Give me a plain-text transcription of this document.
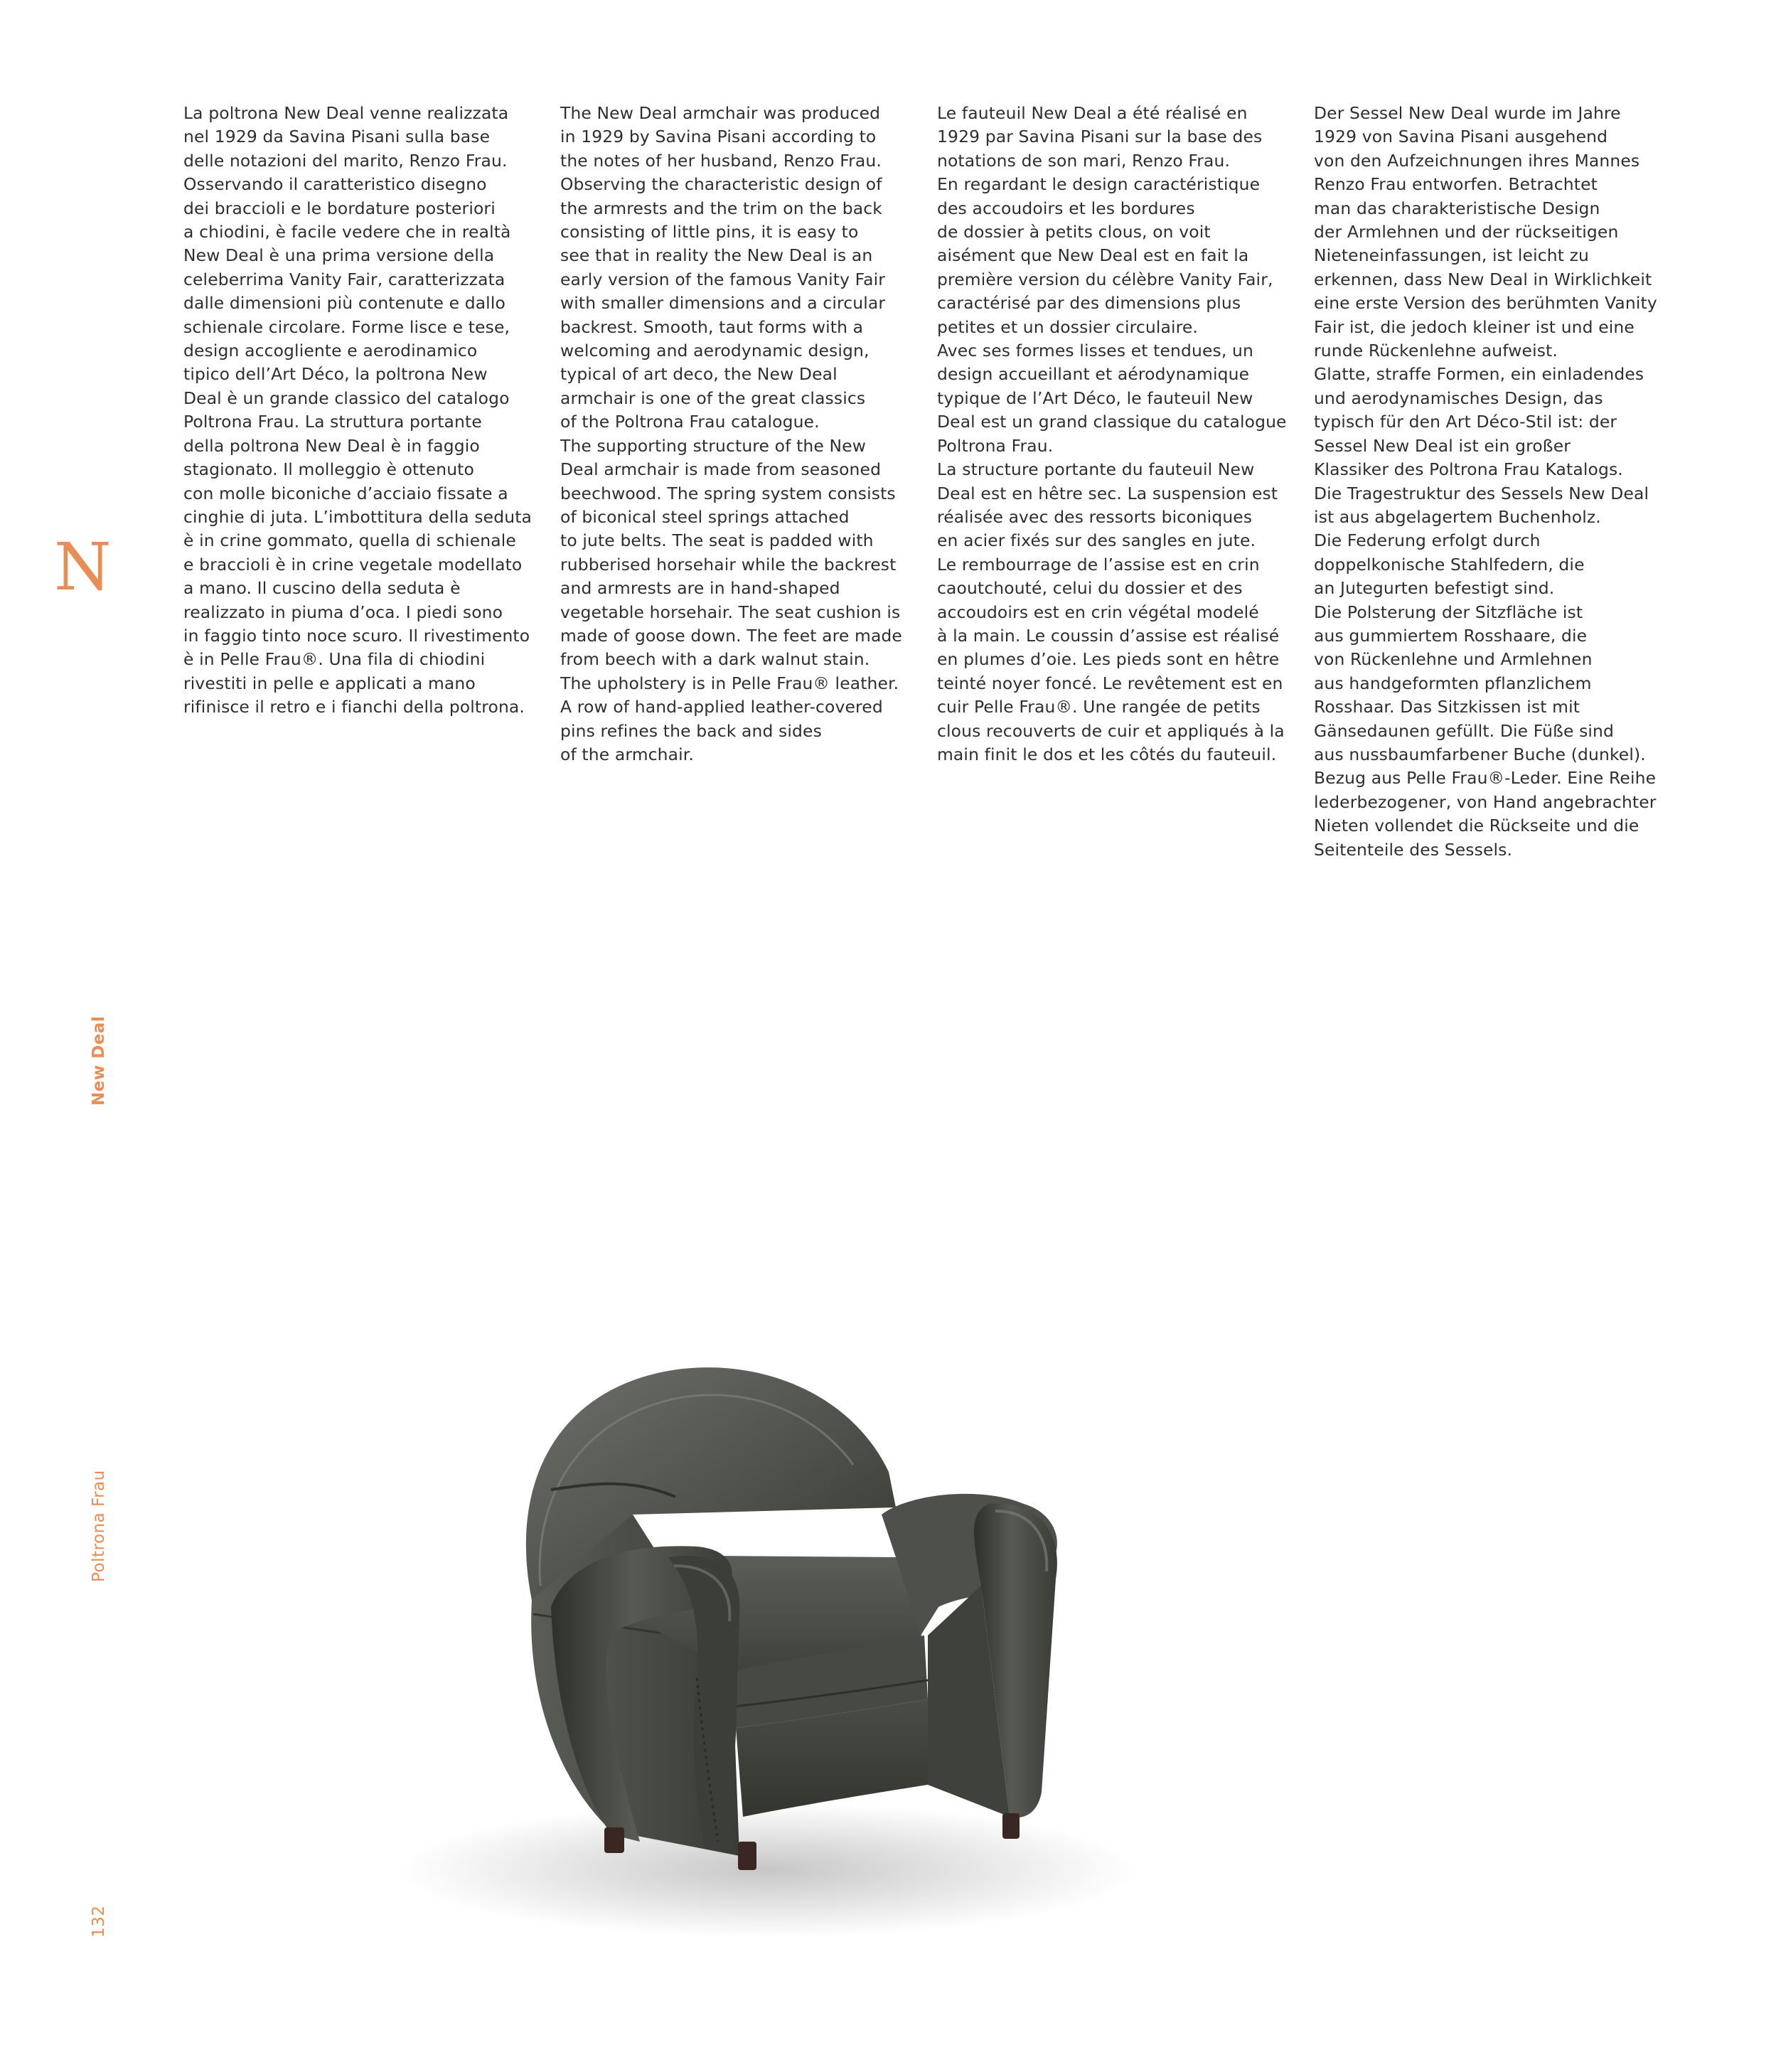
La poltrona New Deal venne realizzata
nel 1929 da Savina Pisani sulla base
delle notazioni del marito, Renzo Frau.
Osservando il caratteristico disegno
dei braccioli e le bordature posteriori
a chiodini, è facile vedere che in realtà
New Deal è una prima versione della
celeberrima Vanity Fair, caratterizzata
dalle dimensioni più contenute e dallo
schienale circolare. Forme lisce e tese,
design accogliente e aerodinamico
tipico dell’Art Déco, la poltrona New
Deal è un grande classico del catalogo
Poltrona Frau. La struttura portante
della poltrona New Deal è in faggio
stagionato. Il molleggio è ottenuto
con molle biconiche d’acciaio fissate a
cinghie di juta. L’imbottitura della seduta
è in crine gommato, quella di schienale
e braccioli è in crine vegetale modellato
a mano. Il cuscino della seduta è
realizzato in piuma d’oca. I piedi sono
in faggio tinto noce scuro. Il rivestimento
è in Pelle Frau®. Una fila di chiodini
rivestiti in pelle e applicati a mano
rifinisce il retro e i fianchi della poltrona.
The New Deal armchair was produced
in 1929 by Savina Pisani according to
the notes of her husband, Renzo Frau.
Observing the characteristic design of
the armrests and the trim on the back
consisting of little pins, it is easy to
see that in reality the New Deal is an
early version of the famous Vanity Fair
with smaller dimensions and a circular
backrest. Smooth, taut forms with a
welcoming and aerodynamic design,
typical of art deco, the New Deal
armchair is one of the great classics
of the Poltrona Frau catalogue.
The supporting structure of the New
Deal armchair is made from seasoned
beechwood. The spring system consists
of biconical steel springs attached
to jute belts. The seat is padded with
rubberised horsehair while the backrest
and armrests are in hand-shaped
vegetable horsehair. The seat cushion is
made of goose down. The feet are made
from beech with a dark walnut stain.
The upholstery is in Pelle Frau® leather.
A row of hand-applied leather-covered
pins refines the back and sides
of the armchair.
Le fauteuil New Deal a été réalisé en
1929 par Savina Pisani sur la base des
notations de son mari, Renzo Frau.
En regardant le design caractéristique
des accoudoirs et les bordures
de dossier à petits clous, on voit
aisément que New Deal est en fait la
première version du célèbre Vanity Fair,
caractérisé par des dimensions plus
petites et un dossier circulaire.
Avec ses formes lisses et tendues, un
design accueillant et aérodynamique
typique de l’Art Déco, le fauteuil New
Deal est un grand classique du catalogue
Poltrona Frau.
La structure portante du fauteuil New
Deal est en hêtre sec. La suspension est
réalisée avec des ressorts biconiques
en acier fixés sur des sangles en jute.
Le rembourrage de l’assise est en crin
caoutchouté, celui du dossier et des
accoudoirs est en crin végétal modelé
à la main. Le coussin d’assise est réalisé
en plumes d’oie. Les pieds sont en hêtre
teinté noyer foncé. Le revêtement est en
cuir Pelle Frau®. Une rangée de petits
clous recouverts de cuir et appliqués à la
main finit le dos et les côtés du fauteuil.
Der Sessel New Deal wurde im Jahre
1929 von Savina Pisani ausgehend
von den Aufzeichnungen ihres Mannes
Renzo Frau entworfen. Betrachtet
man das charakteristische Design
der Armlehnen und der rückseitigen
Nieteneinfassungen, ist leicht zu
erkennen, dass New Deal in Wirklichkeit
eine erste Version des berühmten Vanity
Fair ist, die jedoch kleiner ist und eine
runde Rückenlehne aufweist.
Glatte, straffe Formen, ein einladendes
und aerodynamisches Design, das
typisch für den Art Déco-Stil ist: der
Sessel New Deal ist ein großer
Klassiker des Poltrona Frau Katalogs.
Die Tragestruktur des Sessels New Deal
ist aus abgelagertem Buchenholz.
Die Federung erfolgt durch
doppelkonische Stahlfedern, die
an Jutegurten befestigt sind.
Die Polsterung der Sitzfläche ist
aus gummiertem Rosshaare, die
von Rückenlehne und Armlehnen
aus handgeformten pflanzlichem
Rosshaar. Das Sitzkissen ist mit
Gänsedaunen gefüllt. Die Füße sind
aus nussbaumfarbener Buche (dunkel).
Bezug aus Pelle Frau®-Leder. Eine Reihe
lederbezogener, von Hand angebrachter
Nieten vollendet die Rückseite und die
Seitenteile des Sessels.
N
New Deal
Poltrona Frau
132
